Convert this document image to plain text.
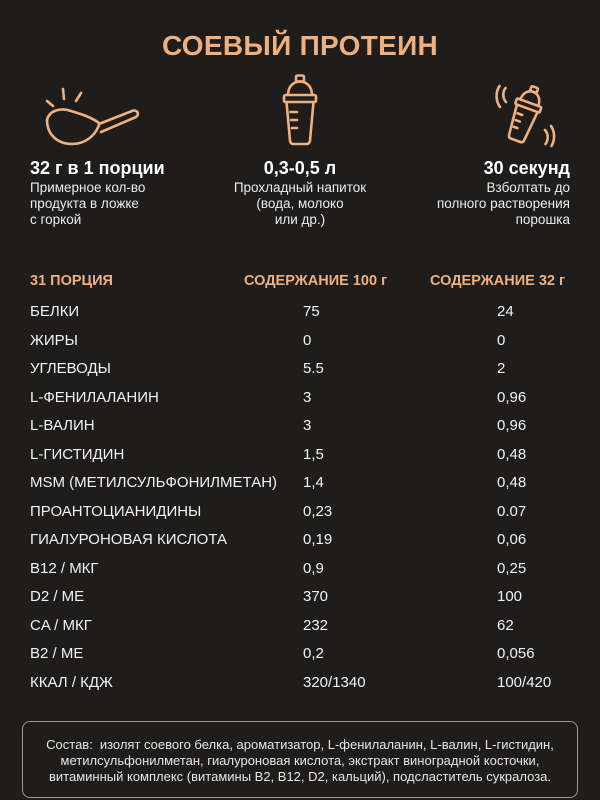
СОЕВЫЙ ПРОТЕИН
32 г в 1 порции
Примерное кол-во
продукта в ложке
с горкой
0,3-0,5 л
Прохладный напиток
(вода, молоко
или др.)
30 секунд
Взболтать до
полного растворения
порошка
31 ПОРЦИЯ	СОДЕРЖАНИЕ 100 г	СОДЕРЖАНИЕ 32 г
БЕЛКИ	75	24
ЖИРЫ	0	0
УГЛЕВОДЫ	5.5	2
L-ФЕНИЛАЛАНИН	3	0,96
L-ВАЛИН	3	0,96
L-ГИСТИДИН	1,5	0,48
MSM (МЕТИЛСУЛЬФОНИЛМЕТАН) 1,4	0,48
ПРОАНТОЦИАНИДИНЫ	0,23	0.07
ГИАЛУРОНОВАЯ КИСЛОТА	0,19	0,06
B12 / МКГ	0,9	0,25
D2 / МЕ	370	100
CA / МКГ	232	62
B2 / МЕ	0,2	0,056
ККАЛ / КДЖ	320/1340	100/420
Состав: изолят соевого белка, ароматизатор, L-фенилаланин, L-валин, L-гистидин,
метилсульфонилметан, гиалуроновая кислота, экстракт виноградной косточки,
витаминный комплекс (витамины B2, B12, D2, кальций), подсластитель сукралоза.
